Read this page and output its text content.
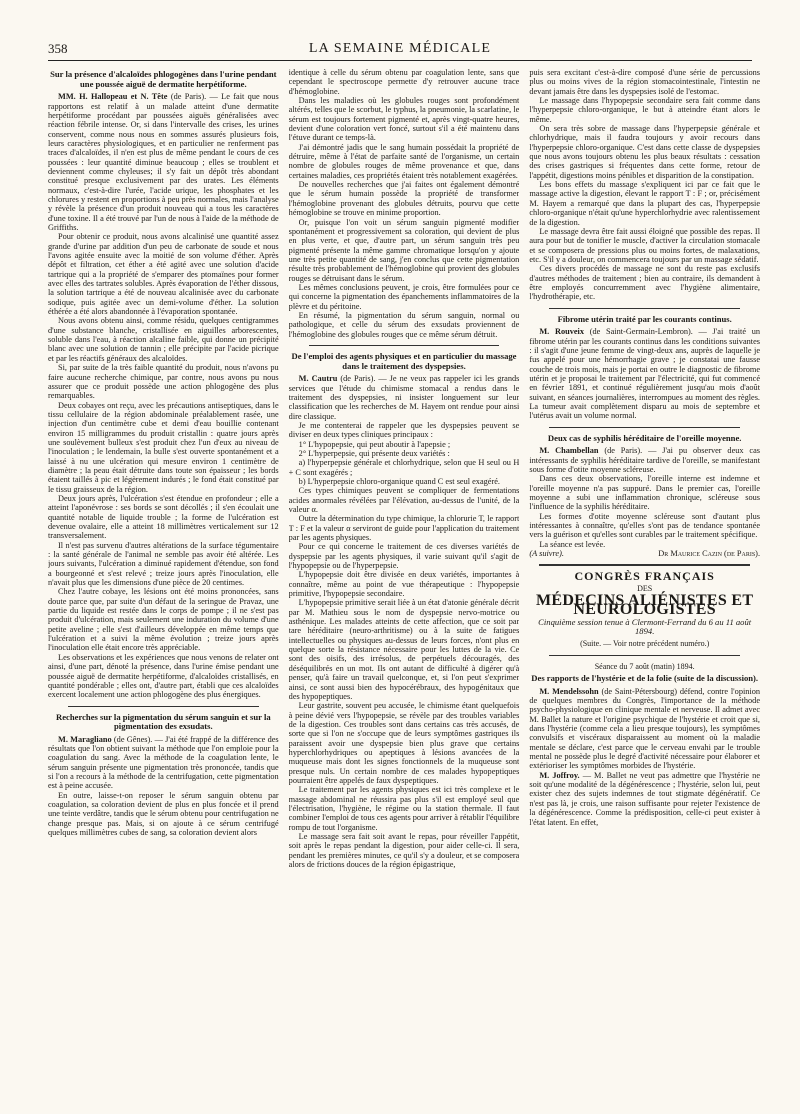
358	LA SEMAINE MÉDICALE
Sur la présence d'alcaloïdes phlogogènes dans l'urine pendant une poussée aiguë de dermatite herpétiforme.

MM. H. Hallopeau et N. Tête (de Paris). — Le fait que nous rapportons est relatif à un malade atteint d'une dermatite herpétiforme procédant par poussées aiguës généralisées avec réaction fébrile intense. Or, si dans l'intervalle des crises, les urines conservent, comme nous nous en sommes assurés plusieurs fois, leurs caractères physiologiques, et en particulier ne renferment pas traces d'alcaloïdes, il n'en est plus de même pendant le cours de ces poussées : leur quantité diminue beaucoup ; elles se troublent et deviennent comme chyleuses; il s'y fait un dépôt très abondant constitué presque exclusivement par des urates. Les éléments normaux, c'est-à-dire l'urée, l'acide urique, les phosphates et les chlorures y restent en proportions à peu près normales, mais l'analyse y révèle la présence d'un produit nouveau qui a tous les caractères d'une toxine. Il a été trouvé par l'un de nous à l'aide de la méthode de Griffiths.

Pour obtenir ce produit, nous avons alcalinisé une quantité assez grande d'urine par addition d'un peu de carbonate de soude et nous l'avons agitée ensuite avec la moitié de son volume d'éther. Après dépôt et filtration, cet éther a été agité avec une solution d'acide tartrique qui a la propriété de s'emparer des ptomaïnes pour former avec elles des tartrates solubles. Après évaporation de l'éther dissous, la solution tartrique a été de nouveau alcalinisée avec du carbonate sodique, puis agitée avec un demi-volume d'éther. La solution éthérée a été alors abandonnée à l'évaporation spontanée.

Nous avons obtenu ainsi, comme résidu, quelques centigrammes d'une substance blanche, cristallisée en aiguilles arborescentes, soluble dans l'eau, à réaction alcaline faible, qui donne un précipité blanc avec une solution de tannin ; elle précipite par l'acide picrique et par les réactifs généraux des alcaloïdes.

Si, par suite de la très faible quantité du produit, nous n'avons pu faire aucune recherche chimique, par contre, nous avons pu nous assurer que ce produit possède une action phlogogène des plus remarquables.

Deux cobayes ont reçu, avec les précautions antiseptiques, dans le tissu cellulaire de la région abdominale préalablement rasée, une injection d'un centimètre cube et demi d'eau bouillie contenant environ 15 milligrammes du produit cristallin : quatre jours après une soulèvement bulleux s'est produit chez l'un d'eux au niveau de l'inoculation ; le lendemain, la bulle s'est ouverte spontanément et a laissé à nu une ulcération qui mesure environ 1 centimètre de diamètre ; la peau était détruite dans toute son épaisseur ; les bords étaient taillés à pic et légèrement indurés ; le fond était constitué par le tissu graisseux de la région.

Deux jours après, l'ulcération s'est étendue en profondeur ; elle a atteint l'aponévrose : ses bords se sont décollés ; il s'en écoulait une quantité notable de liquide trouble ; la forme de l'ulcération est devenue ovalaire, elle a atteint 18 millimètres verticalement sur 12 transversalement.

Il n'est pas survenu d'autres altérations de la surface tégumentaire : la santé générale de l'animal ne semble pas avoir été altérée. Les jours suivants, l'ulcération a diminué rapidement d'étendue, son fond a bourgeonné et s'est relevé ; treize jours après l'inoculation, elle n'avait plus que les dimensions d'une pièce de 20 centimes.

Chez l'autre cobaye, les lésions ont été moins prononcées, sans doute parce que, par suite d'un défaut de la seringue de Pravaz, une partie du liquide est restée dans le corps de pompe ; il ne s'est pas produit d'ulcération, mais seulement une induration du volume d'une petite aveline ; elle s'est d'ailleurs développée en même temps que l'ulcération et a suivi la même évolution ; treize jours après l'inoculation elle était encore très appréciable.

Les observations et les expériences que nous venons de relater ont ainsi, d'une part, dénoté la présence, dans l'urine émise pendant une poussée aiguë de dermatite herpétiforme, d'alcaloïdes cristallisés, en quantité pondérable ; elles ont, d'autre part, établi que ces alcaloïdes exercent localement une action phlogogène des plus énergiques.

Recherches sur la pigmentation du sérum sanguin et sur la pigmentation des exsudats.

M. Maragliano (de Gênes). — J'ai été frappé de la différence des résultats que l'on obtient suivant la méthode que l'on emploie pour la coagulation du sang. Avec la méthode de la coagulation lente, le sérum sanguin présente une pigmentation très prononcée, tandis que si l'on a recours à la méthode de la centrifugation, cette pigmentation est à peine accusée.

En outre, laisse-t-on reposer le sérum sanguin obtenu par coagulation, sa coloration devient de plus en plus foncée et il prend une teinte verdâtre, tandis que le sérum obtenu pour centrifugation ne change presque pas. Mais, si on ajoute à ce sérum centrifugé quelques millimètres cubes de sang, sa coloration devient alors

identique à celle du sérum obtenu par coagulation lente, sans que cependant le spectroscope permette d'y retrouver aucune trace d'hémoglobine.

Dans les maladies où les globules rouges sont profondément altérés, telles que le scorbut, le typhus, la pneumonie, la scarlatine, le sérum est toujours fortement pigmenté et, après vingt-quatre heures, devient d'une coloration vert foncé, surtout s'il a été maintenu dans l'étuve durant ce temps-là.

J'ai démontré jadis que le sang humain possédait la propriété de détruire, même à l'état de parfaite santé de l'organisme, un certain nombre de globules rouges de même provenance et que, dans certaines maladies, ces propriétés étaient très notablement exagérées.

De nouvelles recherches que j'ai faites ont également démontré que le sérum humain possède la propriété de transformer l'hémoglobine provenant des globules détruits, pourvu que cette hémoglobine se trouve en minime proportion.

Or, puisque l'on voit un sérum sanguin pigmenté modifier spontanément et progressivement sa coloration, qui devient de plus en plus verte, et que, d'autre part, un sérum sanguin très peu pigmenté présente la même gamme chromatique lorsqu'on y ajoute une très petite quantité de sang, j'en conclus que cette pigmentation résulte très probablement de l'hémoglobine qui provient des globules rouges se détruisant dans le sérum.

Les mêmes conclusions peuvent, je crois, être formulées pour ce qui concerne la pigmentation des épanchements inflammatoires de la plèvre et du péritoine.

En résumé, la pigmentation du sérum sanguin, normal ou pathologique, et celle du sérum des exsudats proviennent de l'hémoglobine des globules rouges que ce même sérum détruit.

De l'emploi des agents physiques et en particulier du massage dans le traitement des dyspepsies.

M. Cautru (de Paris). — Je ne veux pas rappeler ici les grands services que l'étude du chimisme stomacal a rendus dans le traitement des dyspepsies, ni insister longuement sur leur classification que les recherches de M. Hayem ont rendue pour ainsi dire classique.

Je me contenterai de rappeler que les dyspepsies peuvent se diviser en deux types cliniques principaux :

1° L'hypopepsie, qui peut aboutir à l'apepsie ;

2° L'hyperpepsie, qui présente deux variétés :

a) l'hyperpepsie générale et chlorhydrique, selon que H seul ou H + C sont exagérés ;

b) L'hyperpepsie chloro-organique quand C est seul exagéré.

Ces types chimiques peuvent se compliquer de fermentations acides anormales révélées par l'élévation, au-dessus de l'unité, de la valeur α.

Outre la détermination du type chimique, la chlorurie T, le rapport T : F et la valeur α serviront de guide pour l'application du traitement par les agents physiques.

Pour ce qui concerne le traitement de ces diverses variétés de dyspepsie par les agents physiques, il varie suivant qu'il s'agit de l'hypopepsie ou de l'hyperpepsie.

L'hypopepsie doit être divisée en deux variétés, importantes à connaître, même au point de vue thérapeutique : l'hypopepsie primitive, l'hypopepsie secondaire.

L'hypopepsie primitive serait liée à un état d'atonie générale décrit par M. Mathieu sous le nom de dyspepsie nervo-motrice ou asthénique. Les malades atteints de cette affection, que ce soit par tare héréditaire (neuro-arthritisme) ou à la suite de fatigues intellectuelles ou physiques au-dessus de leurs forces, n'ont plus en quelque sorte la résistance nécessaire pour les luttes de la vie. Ce sont des oisifs, des irrésolus, de perpétuels découragés, des déséquilibrés en un mot. Ils ont autant de difficulté à digérer qu'à penser, qu'à faire un travail quelconque, et, si l'on peut s'exprimer ainsi, ce sont aussi bien des hypocérébraux, des hypogénitaux que des hypopeptiques.

Leur gastrite, souvent peu accusée, le chimisme étant quelquefois à peine dévié vers l'hypopepsie, se révèle par des troubles variables de la digestion. Ces troubles sont dans certains cas très accusés, de sorte que si l'on ne s'occupe que de leurs symptômes gastriques ils paraissent avoir une dyspepsie bien plus grave que certains hyperchlorhydriques ou apeptiques à lésions avancées de la muqueuse mais dont les signes fonctionnels de la muqueuse sont presque nuls. Un certain nombre de ces malades hypopeptiques pourraient être appelés de faux dyspeptiques.

Le traitement par les agents physiques est ici très complexe et le massage abdominal ne réussira pas plus s'il est employé seul que l'électrisation, l'hygiène, le régime ou la station thermale. Il faut combiner l'emploi de tous ces agents pour arriver à rétablir l'équilibre rompu de tout l'organisme.

Le massage sera fait soit avant le repas, pour réveiller l'appétit, soit après le repas pendant la digestion, pour aider celle-ci. Il sera, pendant les premières minutes, ce qu'il s'y a douleur, et se composera alors de frictions douces de la région épigastrique,

puis sera excitant c'est-à-dire composé d'une série de percussions plus ou moins vives de la région stomacointestinale, l'intestin ne devant jamais être dans les dyspepsies isolé de l'estomac.

Le massage dans l'hypopepsie secondaire sera fait comme dans l'hyperpepsie chloro-organique, le but à atteindre étant alors le même.

On sera très sobre de massage dans l'hyperpepsie générale et chlorhydrique, mais il faudra toujours y avoir recours dans l'hyperpepsie chloro-organique. C'est dans cette classe de dyspepsies que nous avons toujours obtenu les plus beaux résultats : cessation des crises gastriques si fréquentes dans cette forme, retour de l'appétit, digestions moins pénibles et disparition de la constipation.

Les bons effets du massage s'expliquent ici par ce fait que le massage active la digestion, élevant le rapport T : F ; or, précisément M. Hayem a remarqué que dans la plupart des cas, l'hyperpepsie chloro-organique n'était qu'une hyperchlorhydrie avec ralentissement de la digestion.

Le massage devra être fait aussi éloigné que possible des repas. Il aura pour but de tonifier le muscle, d'activer la circulation stomacale et se composera de pressions plus ou moins fortes, de malaxations, etc. S'il y a douleur, on commencera toujours par un massage sédatif.

Ces divers procédés de massage ne sont du reste pas exclusifs d'autres méthodes de traitement ; bien au contraire, ils demandent à être employés concurremment avec l'hygiène alimentaire, l'hydrothérapie, etc.

Fibrome utérin traité par les courants continus.

M. Rouveix (de Saint-Germain-Lembron). — J'ai traité un fibrome utérin par les courants continus dans les conditions suivantes : il s'agit d'une jeune femme de vingt-deux ans, auprès de laquelle je fus appelé pour une hémorrhagie grave ; je constatai une fausse couche de trois mois, mais je portai en outre le diagnostic de fibrome utérin et je proposai le traitement par l'électricité, qui fut commencé en février 1891, et continué régulièrement jusqu'au mois d'août suivant, en séances journalières, interrompues au moment des règles. La tumeur avait complètement disparu au mois de septembre et l'utérus avait un volume normal.

Deux cas de syphilis héréditaire de l'oreille moyenne.

M. Chambellan (de Paris). — J'ai pu observer deux cas intéressants de syphilis héréditaire tardive de l'oreille, se manifestant sous forme d'otite moyenne scléreuse.

Dans ces deux observations, l'oreille interne est indemne et l'oreille moyenne n'a pas suppuré. Dans le premier cas, l'oreille moyenne a subi une inflammation chronique, scléreuse sous l'influence de la syphilis héréditaire.

Les formes d'otite moyenne scléreuse sont d'autant plus intéressantes à connaître, qu'elles s'ont pas de tendance spontanée vers la guérison et qu'elles sont curables par le traitement spécifique.

La séance est levée.

(A suivre).	Dr Maurice Cazin (de Paris).

CONGRÈS FRANÇAIS
DES
MÉDECINS ALIÉNISTES ET NEUROLOGISTES
Cinquième session tenue à Clermont-Ferrand du 6 au 11 août 1894.
(Suite. — Voir notre précédent numéro.)
Séance du 7 août (matin) 1894.
Des rapports de l'hystérie et de la folie (suite de la discussion).

M. Mendelssohn (de Saint-Pétersbourg) défend, contre l'opinion de quelques membres du Congrès, l'importance de la méthode psycho-physiologique en clinique mentale et nerveuse. Il admet avec M. Ballet la nature et l'origine psychique de l'hystérie et croit que si, dans l'hystérie (comme cela a lieu presque toujours), les symptômes convulsifs et viscéraux disparaissent au moment où la maladie mentale se déclare, c'est parce que le cerveau envahi par le trouble mental ne possède plus le degré d'activité nécessaire pour élaborer et extérioriser les symptômes morbides de l'hystérie.

M. Joffroy. — M. Ballet ne veut pas admettre que l'hystérie ne soit qu'une modalité de la dégénérescence ; l'hystérie, selon lui, peut exister chez des sujets indemnes de tout stigmate dégénératif. Ce n'est pas là, je crois, une raison suffisante pour rejeter l'existence de la dégénérescence. Comme la prédisposition, celle-ci peut exister à l'état latent. En effet,
